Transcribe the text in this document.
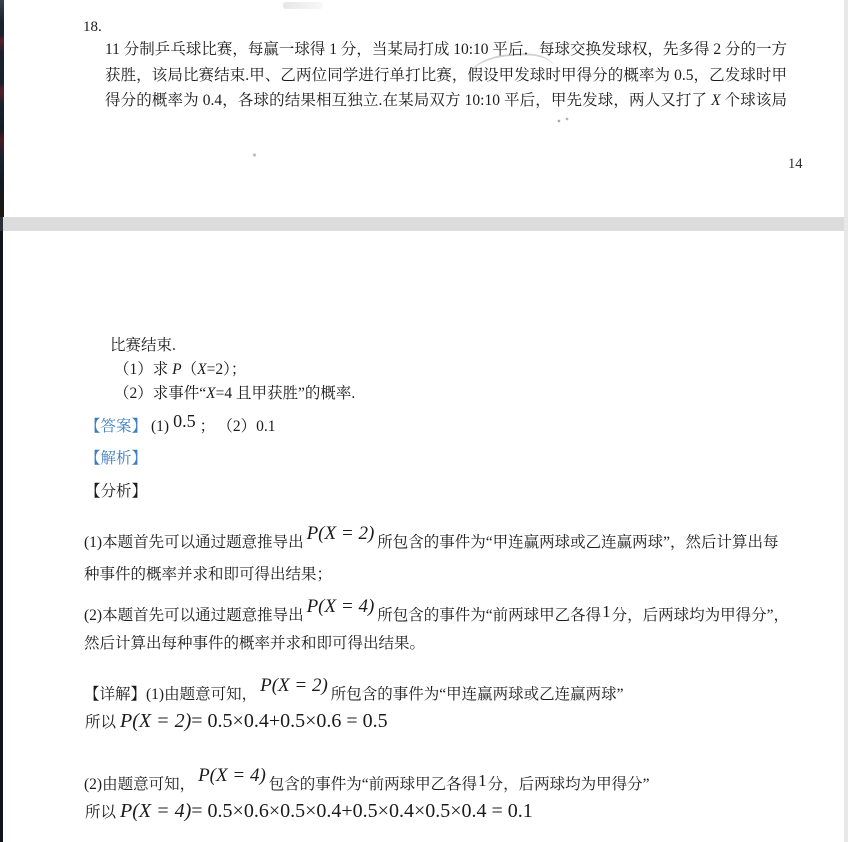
18.
11 分制乒乓球比赛，每赢一球得 1 分，当某局打成 10:10 平后．每球交换发球权，先多得 2 分的一方
获胜，该局比赛结束.甲、乙两位同学进行单打比赛，假设甲发球时甲得分的概率为 0.5，乙发球时甲
得分的概率为 0.4，各球的结果相互独立.在某局双方 10:10 平后，甲先发球，两人又打了 X 个球该局
14
比赛结束.
（1）求 P（X=2）；
（2）求事件“X=4 且甲获胜”的概率.
【答案】 (1) 0.5 ； （2）0.1
【解析】
【分析】
(1)本题首先可以通过题意推导出 P(X = 2) 所包含的事件为“甲连赢两球或乙连赢两球”，然后计算出每
种事件的概率并求和即可得出结果；
(2)本题首先可以通过题意推导出 P(X = 4) 所包含的事件为“前两球甲乙各得1分，后两球均为甲得分”，
然后计算出每种事件的概率并求和即可得出结果。
【详解】(1)由题意可知， P(X = 2) 所包含的事件为“甲连赢两球或乙连赢两球”
所以 P(X = 2)= 0.5×0.4+0.5×0.6 = 0.5
(2)由题意可知， P(X = 4) 包含的事件为“前两球甲乙各得1分，后两球均为甲得分”
所以 P(X = 4)= 0.5×0.6×0.5×0.4+0.5×0.4×0.5×0.4 = 0.1
